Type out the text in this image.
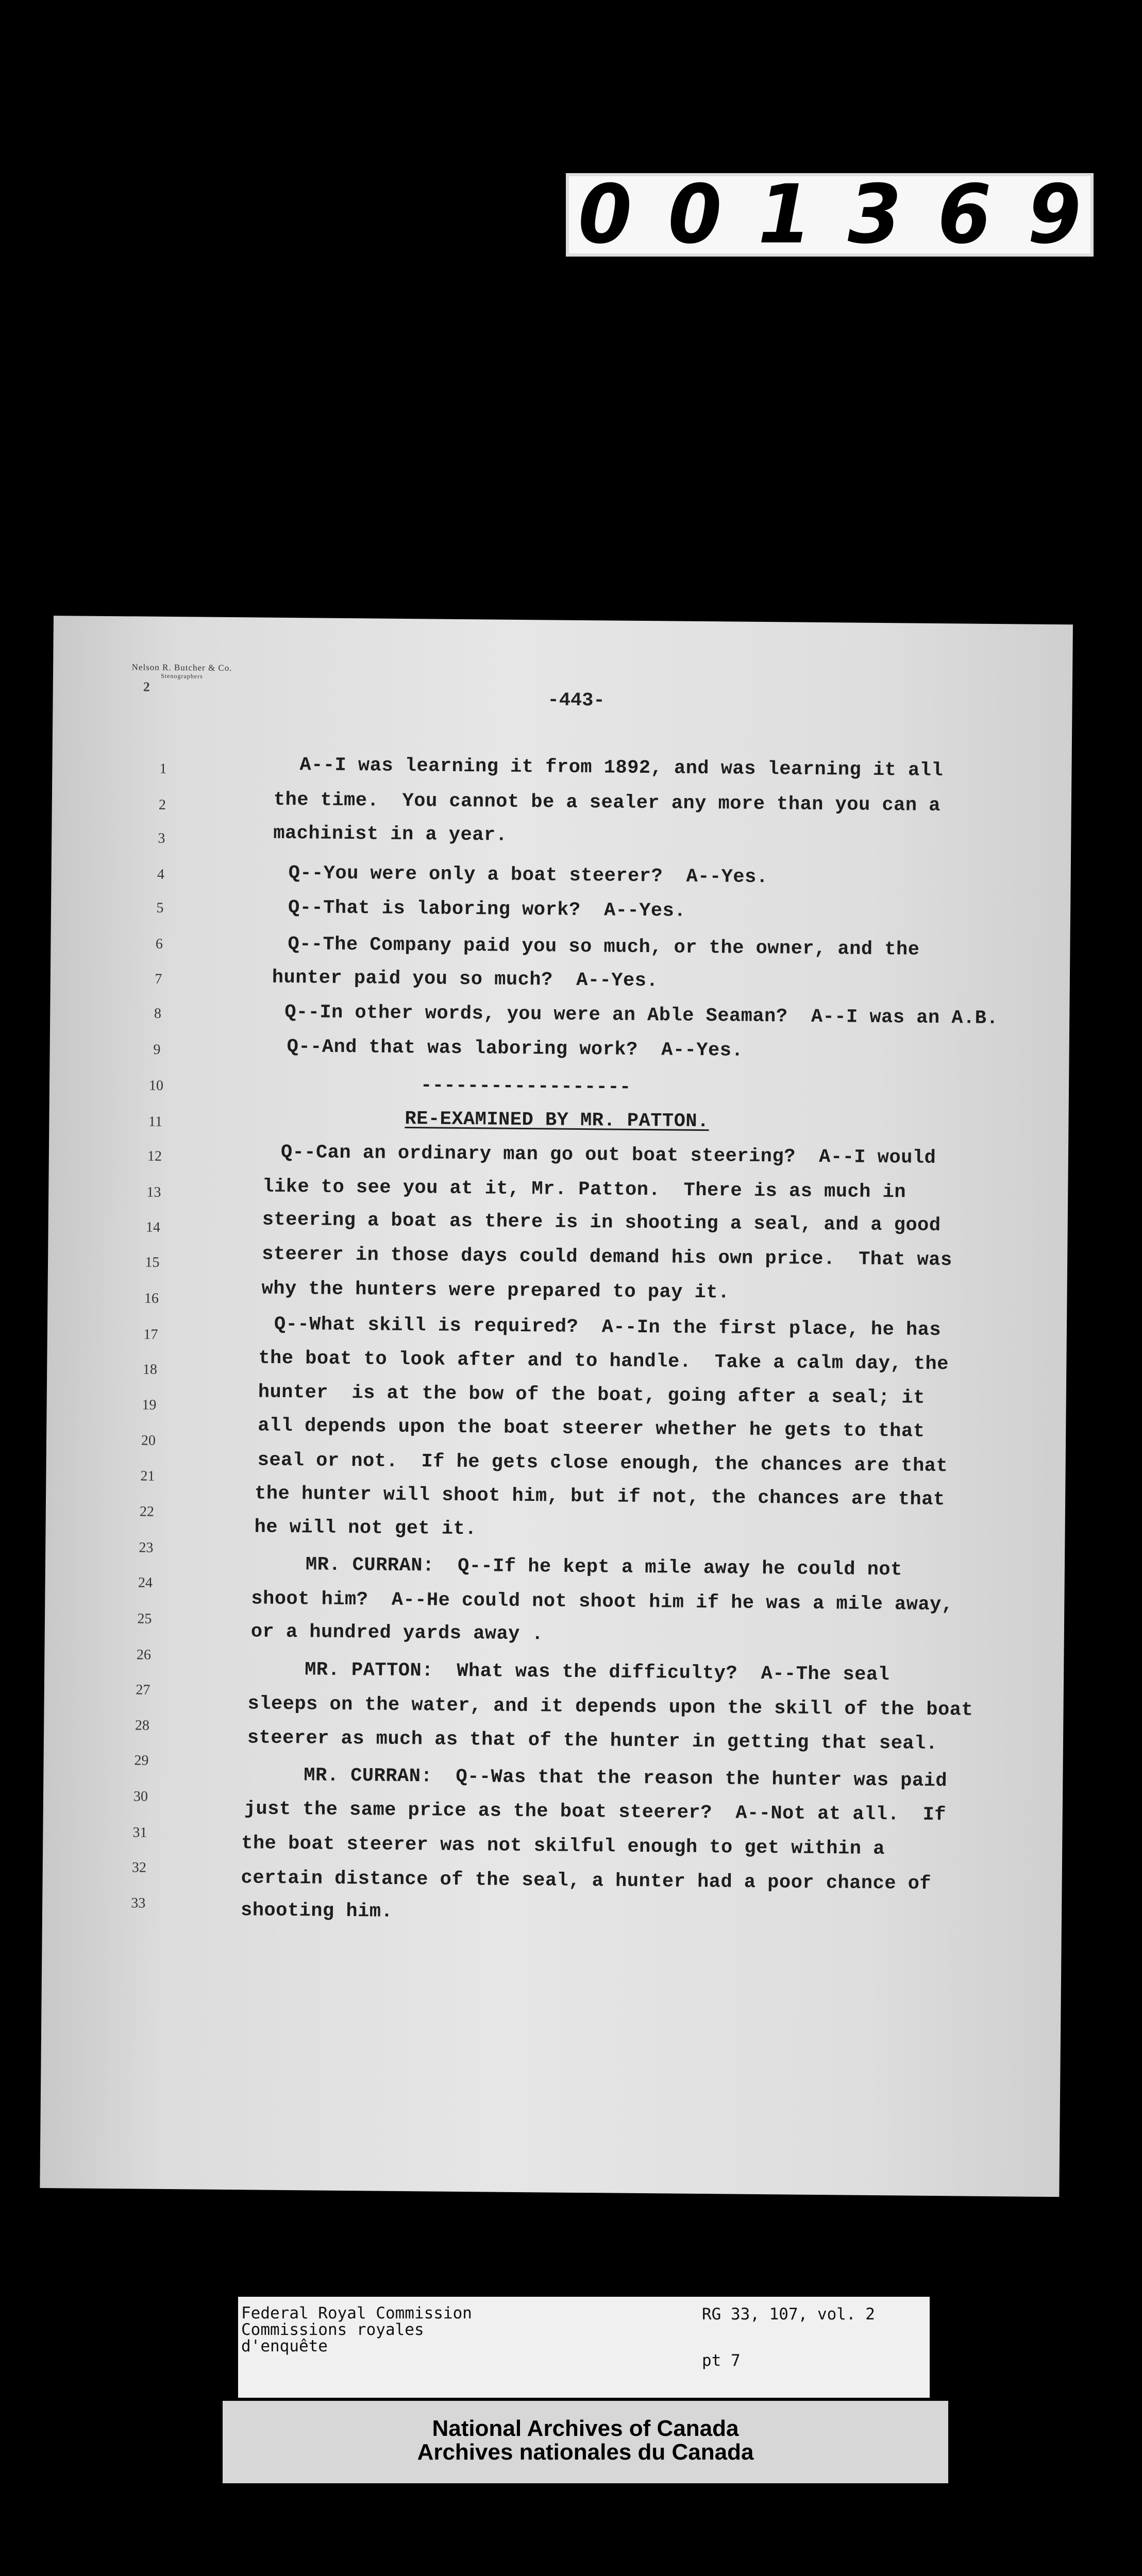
001369
Nelson R. Butcher & Co.
Stenographers
2
-443-
1
2
3
4
5
6
7
8
9
10
11
12
13
14
15
16
17
18
19
20
21
22
23
24
25
26
27
28
29
30
31
32
33
A--I was learning it from 1892, and was learning it all
the time.  You cannot be a sealer any more than you can a
machinist in a year.
Q--You were only a boat steerer?  A--Yes.
Q--That is laboring work?  A--Yes.
Q--The Company paid you so much, or the owner, and the
hunter paid you so much?  A--Yes.
Q--In other words, you were an Able Seaman?  A--I was an A.B.
Q--And that was laboring work?  A--Yes.
------------------
RE-EXAMINED BY MR. PATTON.
Q--Can an ordinary man go out boat steering?  A--I would
like to see you at it, Mr. Patton.  There is as much in
steering a boat as there is in shooting a seal, and a good
steerer in those days could demand his own price.  That was
why the hunters were prepared to pay it.
Q--What skill is required?  A--In the first place, he has
the boat to look after and to handle.  Take a calm day, the
hunter  is at the bow of the boat, going after a seal; it
all depends upon the boat steerer whether he gets to that
seal or not.  If he gets close enough, the chances are that
the hunter will shoot him, but if not, the chances are that
he will not get it.
MR. CURRAN:  Q--If he kept a mile away he could not
shoot him?  A--He could not shoot him if he was a mile away,
or a hundred yards away .
MR. PATTON:  What was the difficulty?  A--The seal
sleeps on the water, and it depends upon the skill of the boat
steerer as much as that of the hunter in getting that seal.
MR. CURRAN:  Q--Was that the reason the hunter was paid
just the same price as the boat steerer?  A--Not at all.  If
the boat steerer was not skilful enough to get within a
certain distance of the seal, a hunter had a poor chance of
shooting him.
Federal Royal Commission
Commissions royales
d'enquête
RG 33, 107, vol. 2
pt 7
National Archives of Canada
Archives nationales du Canada
